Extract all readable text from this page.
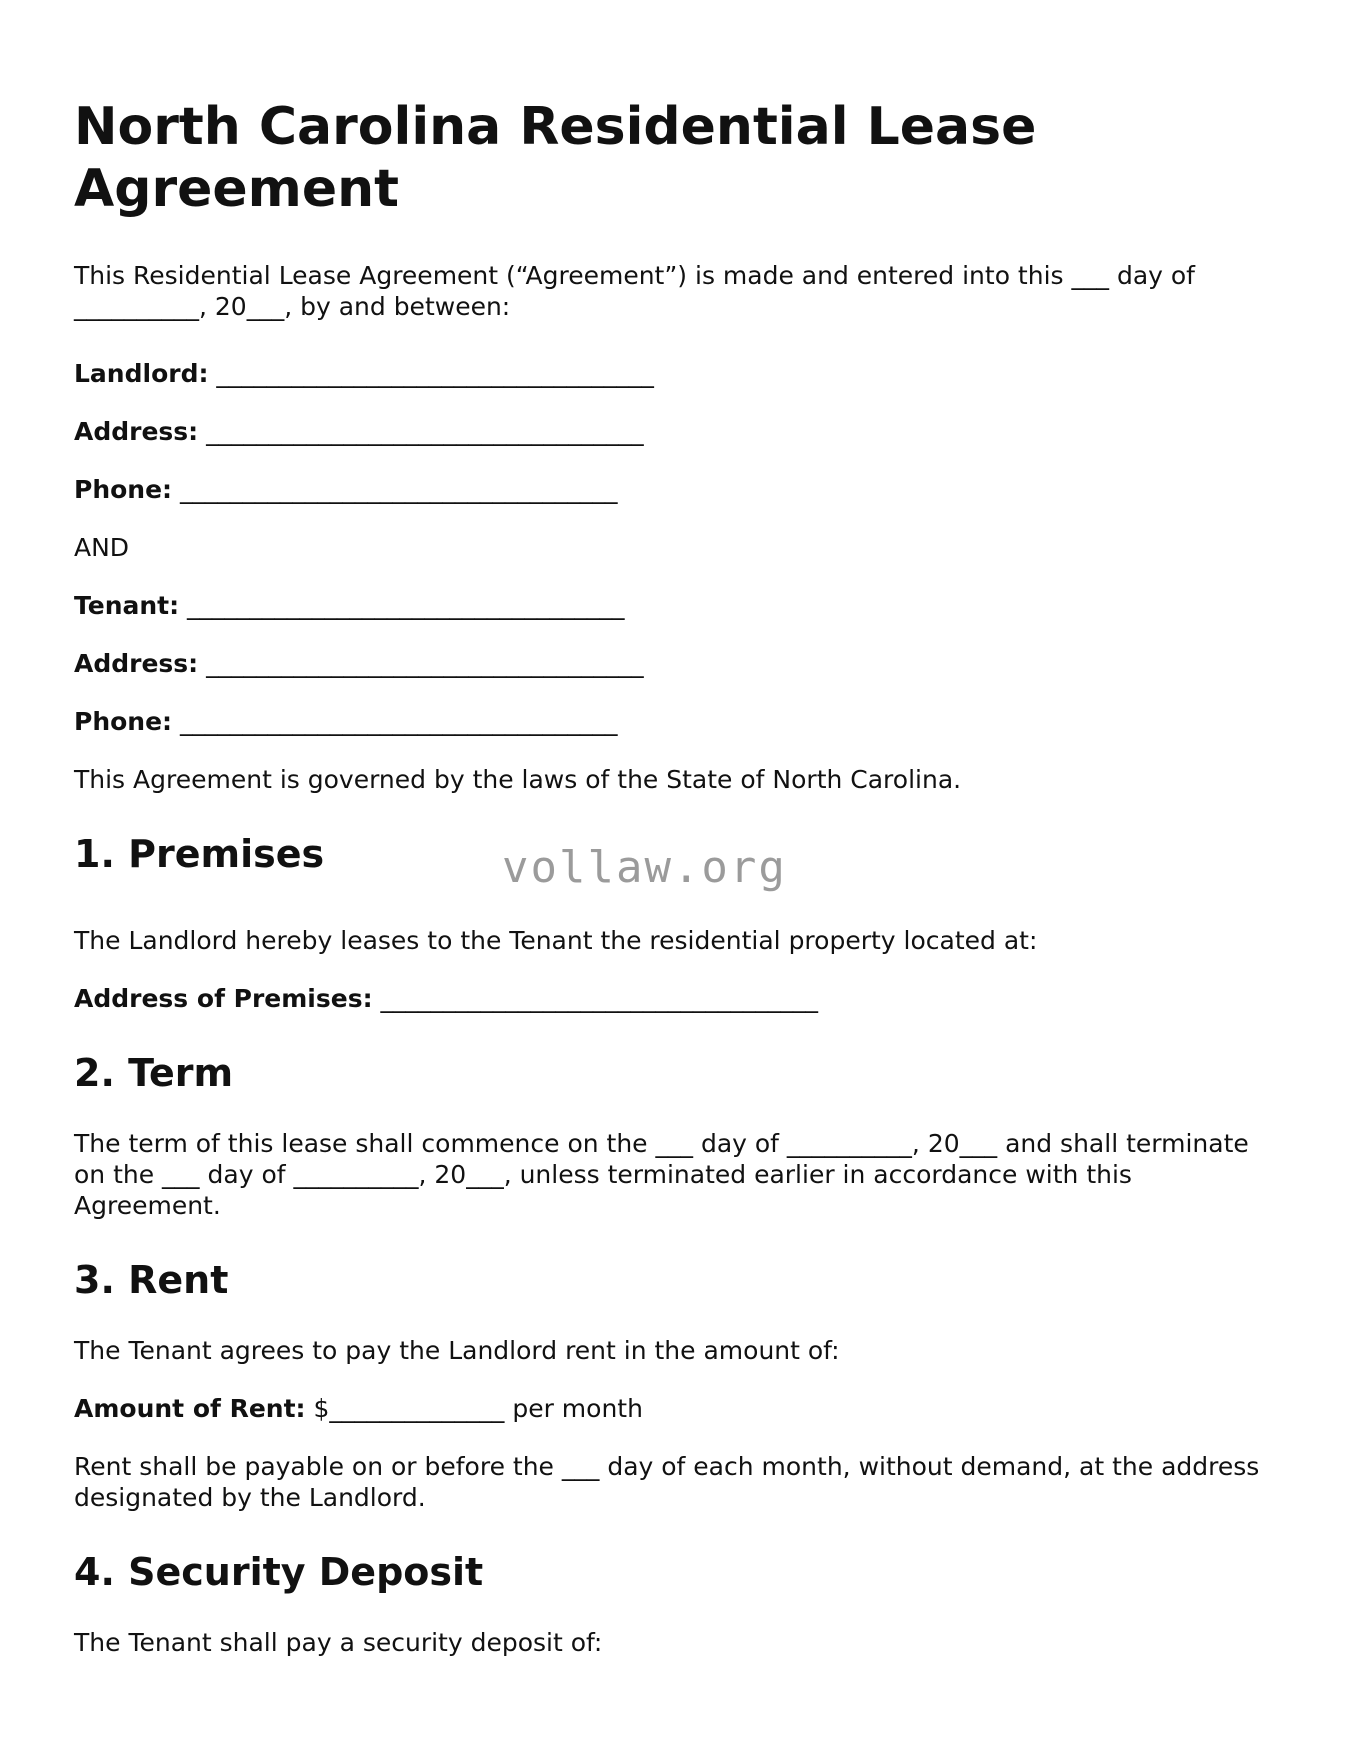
North Carolina Residential Lease Agreement

This Residential Lease Agreement (“Agreement”) is made and entered into this ___ day of __________, 20___, by and between:

Landlord: ___________________________________

Address: ___________________________________

Phone: ___________________________________

AND

Tenant: ___________________________________

Address: ___________________________________

Phone: ___________________________________

This Agreement is governed by the laws of the State of North Carolina.

1. Premises

The Landlord hereby leases to the Tenant the residential property located at:

Address of Premises: ___________________________________

2. Term

The term of this lease shall commence on the ___ day of __________, 20___ and shall terminate on the ___ day of __________, 20___, unless terminated earlier in accordance with this Agreement.

3. Rent

The Tenant agrees to pay the Landlord rent in the amount of:

Amount of Rent: $______________ per month

Rent shall be payable on or before the ___ day of each month, without demand, at the address designated by the Landlord.

4. Security Deposit

The Tenant shall pay a security deposit of:

vollaw.org
